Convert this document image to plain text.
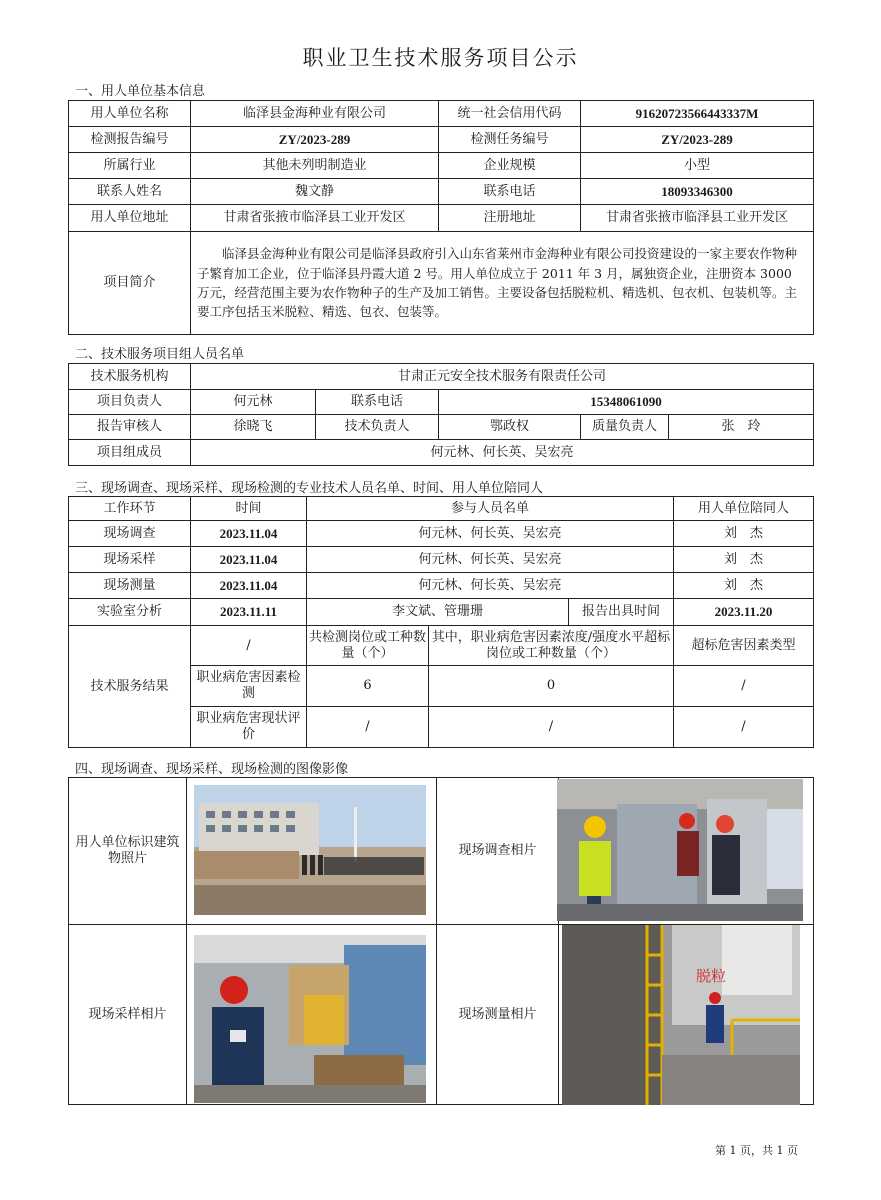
职业卫生技术服务项目公示
一、用人单位基本信息
用人单位名称	临泽县金海种业有限公司	统一社会信用代码	91620723566443337M
检测报告编号	ZY/2023-289	检测任务编号	ZY/2023-289
所属行业	其他未列明制造业	企业规模	小型
联系人姓名	魏文静	联系电话	18093346300
用人单位地址	甘肃省张掖市临泽县工业开发区	注册地址	甘肃省张掖市临泽县工业开发区
项目简介	临泽县金海种业有限公司是临泽县政府引入山东省莱州市金海种业有限公司投资建设的一家主要农作物种子繁育加工企业，位于临泽县丹霞大道 2 号。用人单位成立于 2011 年 3 月，属独资企业，注册资本 3000 万元，经营范围主要为农作物种子的生产及加工销售。主要设备包括脱粒机、精选机、包衣机、包装机等。主要工序包括玉米脱粒、精选、包衣、包装等。		
二、技术服务项目组人员名单
技术服务机构	甘肃正元安全技术服务有限责任公司				
项目负责人	何元林	联系电话	15348061090		
报告审核人	徐晓飞	技术负责人	鄂政权	质量负责人	张　玲
项目组成员	何元林、何长英、吴宏亮				
三、现场调查、现场采样、现场检测的专业技术人员名单、时间、用人单位陪同人
工作环节	时间	参与人员名单		用人单位陪同人
现场调查	2023.11.04	何元林、何长英、吴宏亮		刘　杰
现场采样	2023.11.04	何元林、何长英、吴宏亮		刘　杰
现场测量	2023.11.04	何元林、何长英、吴宏亮		刘　杰
实验室分析	2023.11.11	李文斌、管珊珊	报告出具时间	2023.11.20
技术服务结果	/	共检测岗位或工种数量（个）	其中，职业病危害因素浓度/强度水平超标岗位或工种数量（个）	超标危害因素类型
	职业病危害因素检测	6	0	/
	职业病危害现状评价	/	/	/
四、现场调查、现场采样、现场检测的图像影像
用人单位标识建筑物照片		现场调查相片	
现场采样相片		现场测量相片	
脱粒
第 1 页，共 1 页
